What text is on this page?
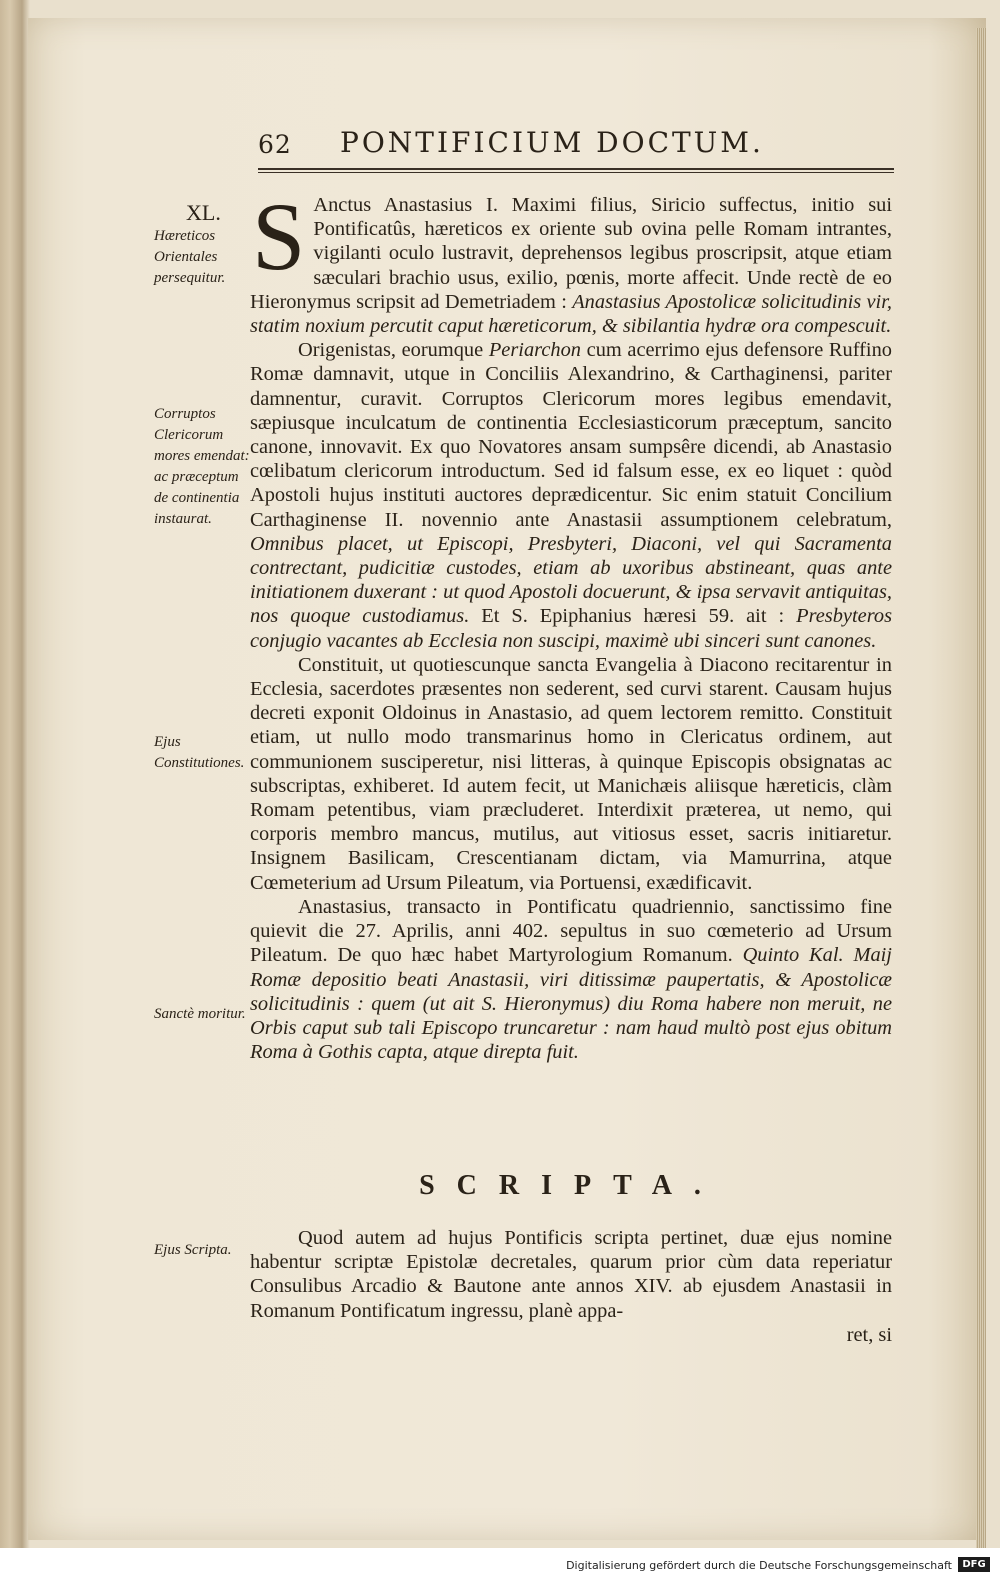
62 PONTIFICIUM DOCTUM.
XL.
Hæreticos Orientales persequitur.
Corruptos Clericorum mores emendat: ac præceptum de continentia instaurat.
Ejus Constitutiones.
Sanctè moritur.
Ejus Scripta.

S Anctus Anastasius I. Maximi filius, Siricio suffectus, initio sui Pontificatûs, hæreticos ex oriente sub ovina pelle Romam intrantes, vigilanti oculo lustravit, deprehensos legibus proscripsit, atque etiam sæculari brachio usus, exilio, pœnis, morte affecit. Unde rectè de eo Hieronymus scripsit ad Demetriadem : Anastasius Apostolicæ solicitudinis vir, statim noxium percutit caput hæreticorum, & sibilantia hydræ ora compescuit.

Origenistas, eorumque Periarchon cum acerrimo ejus defensore Ruffino Romæ damnavit, utque in Conciliis Alexandrino, & Carthaginensi, pariter damnentur, curavit. Corruptos Clericorum mores legibus emendavit, sæpiusque inculcatum de continentia Ecclesiasticorum præceptum, sancito canone, innovavit. Ex quo Novatores ansam sumpsêre dicendi, ab Anastasio cœlibatum clericorum introductum. Sed id falsum esse, ex eo liquet : quòd Apostoli hujus instituti auctores deprædicentur. Sic enim statuit Concilium Carthaginense II. novennio ante Anastasii assumptionem celebratum, Omnibus placet, ut Episcopi, Presbyteri, Diaconi, vel qui Sacramenta contrectant, pudicitiæ custodes, etiam ab uxoribus abstineant, quas ante initiationem duxerant : ut quod Apostoli docuerunt, & ipsa servavit antiquitas, nos quoque custodiamus. Et S. Epiphanius hæresi 59. ait : Presbyteros conjugio vacantes ab Ecclesia non suscipi, maximè ubi sinceri sunt canones.

Constituit, ut quotiescunque sancta Evangelia à Diacono recitarentur in Ecclesia, sacerdotes præsentes non sederent, sed curvi starent. Causam hujus decreti exponit Oldoinus in Anastasio, ad quem lectorem remitto. Constituit etiam, ut nullo modo transmarinus homo in Clericatus ordinem, aut communionem susciperetur, nisi litteras, à quinque Episcopis obsignatas ac subscriptas, exhiberet. Id autem fecit, ut Manichæis aliisque hæreticis, clàm Romam petentibus, viam præcluderet. Interdixit præterea, ut nemo, qui corporis membro mancus, mutilus, aut vitiosus esset, sacris initiaretur. Insignem Basilicam, Crescentianam dictam, via Mamurrina, atque Cœmeterium ad Ursum Pileatum, via Portuensi, exædificavit.

Anastasius, transacto in Pontificatu quadriennio, sanctissimo fine quievit die 27. Aprilis, anni 402. sepultus in suo cœmeterio ad Ursum Pileatum. De quo hæc habet Martyrologium Romanum. Quinto Kal. Maij Romæ depositio beati Anastasii, viri ditissimæ paupertatis, & Apostolicæ solicitudinis : quem (ut ait S. Hieronymus) diu Roma habere non meruit, ne Orbis caput sub tali Episcopo truncaretur : nam haud multò post ejus obitum Roma à Gothis capta, atque direpta fuit.

SCRIPTA.

Quod autem ad hujus Pontificis scripta pertinet, duæ ejus nomine habentur scriptæ Epistolæ decretales, quarum prior cùm data reperiatur Consulibus Arcadio & Bautone ante annos XIV. ab ejusdem Anastasii in Romanum Pontificatum ingressu, planè appa-

ret, si

Digitalisierung gefördert durch die Deutsche Forschungsgemeinschaft	DFG
